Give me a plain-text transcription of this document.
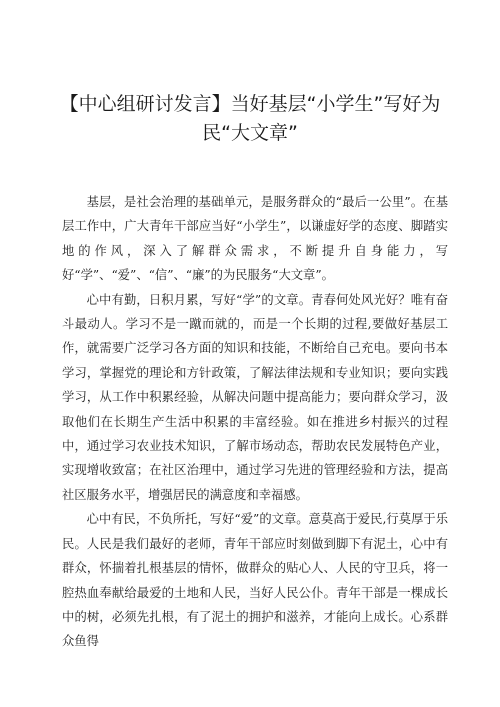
【中心组研讨发言】当好基层“小学生”写好为
民“大文章”

基层，是社会治理的基础单元，是服务群众的“最后一公里”。在基层工作中，广大青年干部应当好“小学生”，以谦虚好学的态度、脚踏实地的作风，深入了解群众需求，不断提升自身能力，写好“学”、“爱”、“信”、“廉”的为民服务“大文章”。

心中有勤，日积月累，写好“学”的文章。青春何处风光好？唯有奋斗最动人。学习不是一蹴而就的，而是一个长期的过程,要做好基层工作，就需要广泛学习各方面的知识和技能，不断给自己充电。要向书本学习，掌握党的理论和方针政策，了解法律法规和专业知识；要向实践学习，从工作中积累经验，从解决问题中提高能力；要向群众学习，汲取他们在长期生产生活中积累的丰富经验。如在推进乡村振兴的过程中，通过学习农业技术知识，了解市场动态，帮助农民发展特色产业，实现增收致富；在社区治理中，通过学习先进的管理经验和方法，提高社区服务水平，增强居民的满意度和幸福感。

心中有民，不负所托，写好“爱”的文章。意莫高于爱民,行莫厚于乐民。人民是我们最好的老师，青年干部应时刻做到脚下有泥土，心中有群众，怀揣着扎根基层的情怀，做群众的贴心人、人民的守卫兵，将一腔热血奉献给最爱的土地和人民，当好人民公仆。青年干部是一棵成长中的树，必须先扎根，有了泥土的拥护和滋养，才能向上成长。心系群众鱼得
